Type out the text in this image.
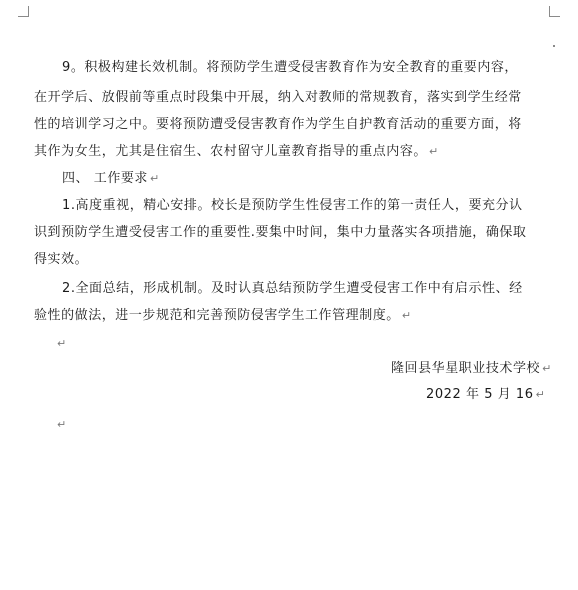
9。积极构建长效机制。将预防学生遭受侵害教育作为安全教育的重要内容，
在开学后、放假前等重点时段集中开展，纳入对教师的常规教育，落实到学生经常
性的培训学习之中。要将预防遭受侵害教育作为学生自护教育活动的重要方面，将
其作为女生，尤其是住宿生、农村留守儿童教育指导的重点内容。 ↵
四、 工作要求 ↵
1.高度重视，精心安排。校长是预防学生性侵害工作的第一责任人，要充分认
识到预防学生遭受侵害工作的重要性.要集中时间，集中力量落实各项措施，确保取
得实效。
2.全面总结，形成机制。及时认真总结预防学生遭受侵害工作中有启示性、经
验性的做法，进一步规范和完善预防侵害学生工作管理制度。 ↵
↵
隆回县华星职业技术学校 ↵
2022 年 5 月 16 ↵
↵
